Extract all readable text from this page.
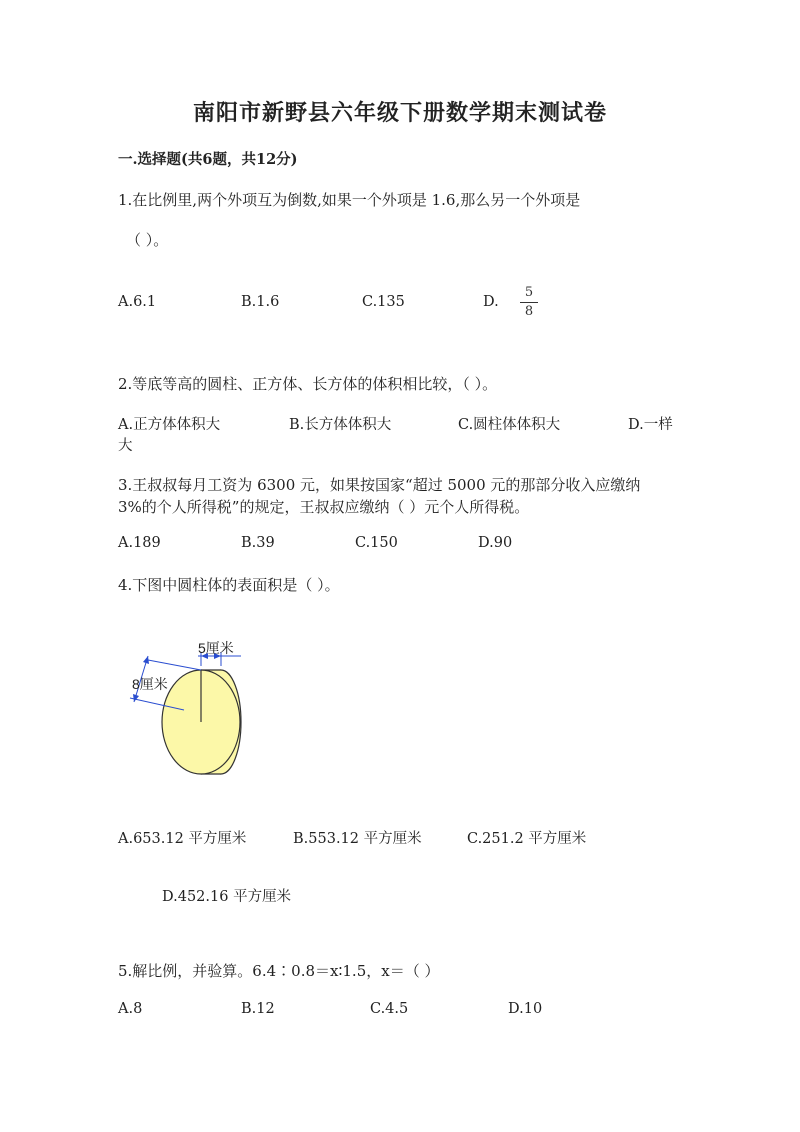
南阳市新野县六年级下册数学期末测试卷
一.选择题(共6题，共12分)
1.在比例里,两个外项互为倒数,如果一个外项是 1.6,那么另一个外项是
（ ）。
A.6.1	B.1.6	C.135	D.
5
8
2.等底等高的圆柱、正方体、长方体的体积相比较，（ ）。
A.正方体体积大	B.长方体体积大	C.圆柱体体积大	D.一样
大
3.王叔叔每月工资为 6300 元，如果按国家“超过 5000 元的那部分收入应缴纳
3%的个人所得税”的规定，王叔叔应缴纳（ ）元个人所得税。
A.189	B.39	C.150	D.90
4.下图中圆柱体的表面积是（ ）。
5厘米
8厘米
A.653.12 平方厘米	B.553.12 平方厘米	C.251.2 平方厘米
D.452.16 平方厘米
5.解比例，并验算。6.4∶0.8＝x∶1.5，x＝（ ）
A.8	B.12	C.4.5	D.10
